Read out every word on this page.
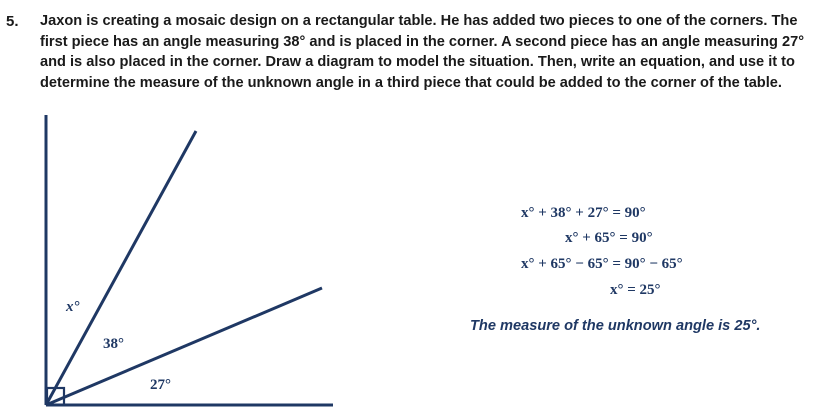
5. Jaxon is creating a mosaic design on a rectangular table. He has added two pieces to one of the corners. The first piece has an angle measuring 38° and is placed in the corner. A second piece has an angle measuring 27° and is also placed in the corner. Draw a diagram to model the situation. Then, write an equation, and use it to determine the measure of the unknown angle in a third piece that could be added to the corner of the table.
x°
38°
27°
x° + 38° + 27° = 90°
x° + 65° = 90°
x° + 65° − 65° = 90° − 65°
x° = 25°
The measure of the unknown angle is 25°.
